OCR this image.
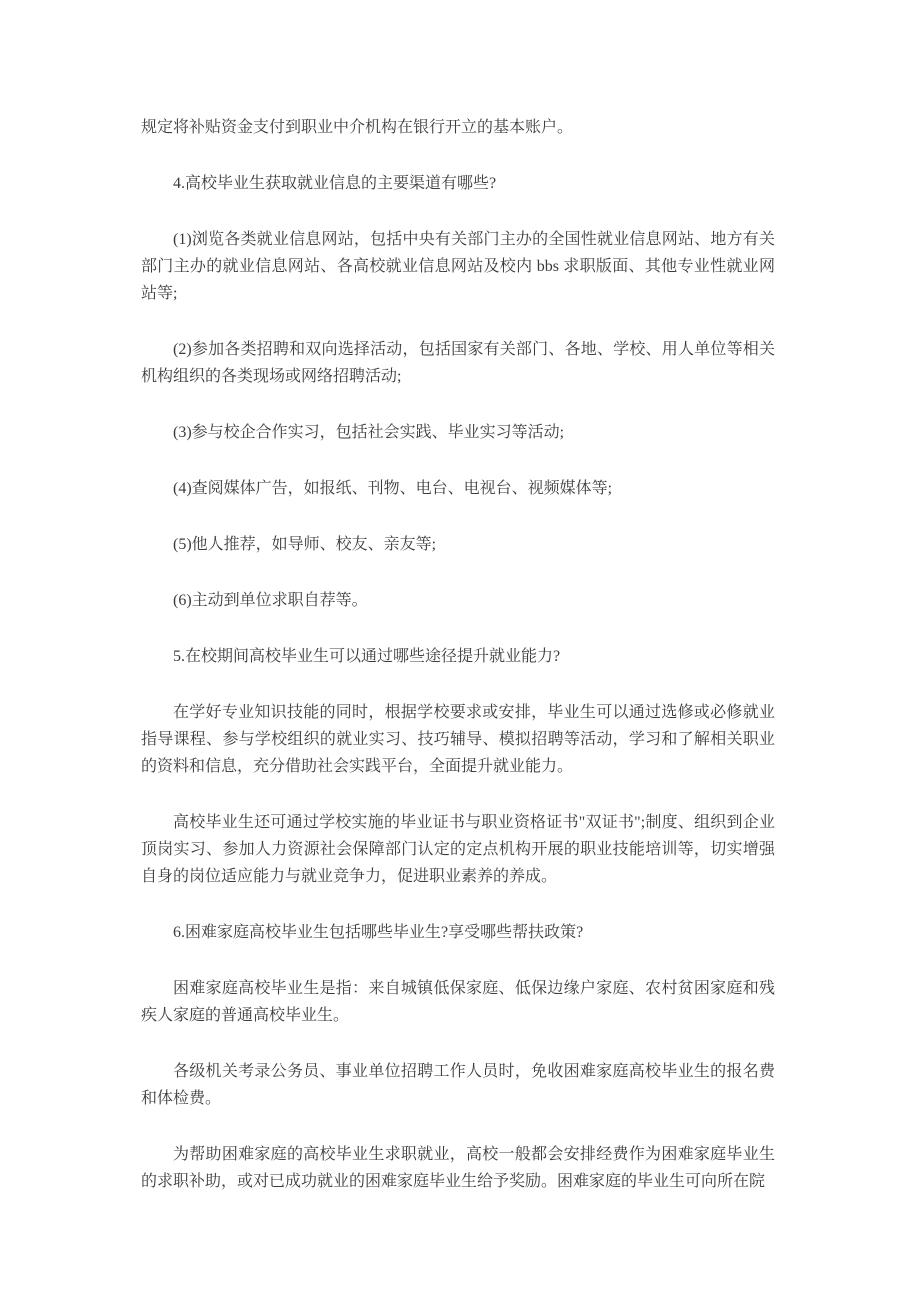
规定将补贴资金支付到职业中介机构在银行开立的基本账户。

4.高校毕业生获取就业信息的主要渠道有哪些?

(1)浏览各类就业信息网站，包括中央有关部门主办的全国性就业信息网站、地方有关部门主办的就业信息网站、各高校就业信息网站及校内 bbs 求职版面、其他专业性就业网站等;

(2)参加各类招聘和双向选择活动，包括国家有关部门、各地、学校、用人单位等相关机构组织的各类现场或网络招聘活动;

(3)参与校企合作实习，包括社会实践、毕业实习等活动;

(4)查阅媒体广告，如报纸、刊物、电台、电视台、视频媒体等;

(5)他人推荐，如导师、校友、亲友等;

(6)主动到单位求职自荐等。

5.在校期间高校毕业生可以通过哪些途径提升就业能力?

在学好专业知识技能的同时，根据学校要求或安排，毕业生可以通过选修或必修就业指导课程、参与学校组织的就业实习、技巧辅导、模拟招聘等活动，学习和了解相关职业的资料和信息，充分借助社会实践平台，全面提升就业能力。

高校毕业生还可通过学校实施的毕业证书与职业资格证书"双证书";制度、组织到企业顶岗实习、参加人力资源社会保障部门认定的定点机构开展的职业技能培训等，切实增强自身的岗位适应能力与就业竞争力，促进职业素养的养成。

6.困难家庭高校毕业生包括哪些毕业生?享受哪些帮扶政策?

困难家庭高校毕业生是指：来自城镇低保家庭、低保边缘户家庭、农村贫困家庭和残疾人家庭的普通高校毕业生。

各级机关考录公务员、事业单位招聘工作人员时，免收困难家庭高校毕业生的报名费和体检费。

为帮助困难家庭的高校毕业生求职就业，高校一般都会安排经费作为困难家庭毕业生的求职补助，或对已成功就业的困难家庭毕业生给予奖励。困难家庭的毕业生可向所在院
